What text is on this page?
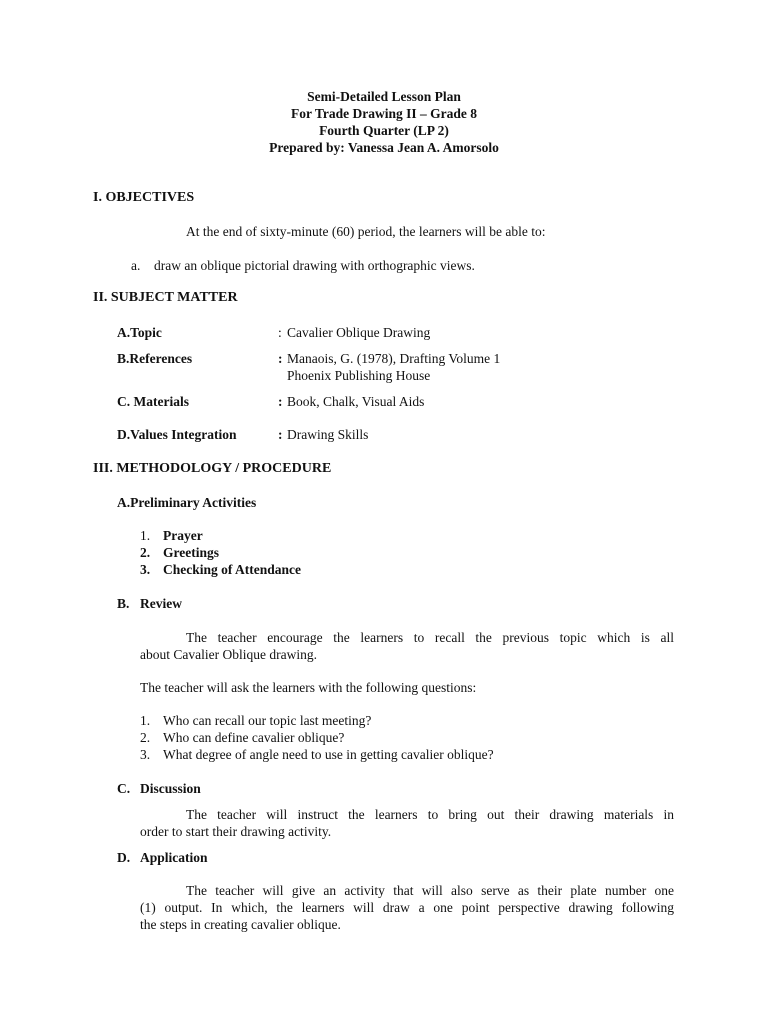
Semi-Detailed Lesson Plan
For Trade Drawing II – Grade 8
Fourth Quarter (LP 2)
Prepared by: Vanessa Jean A. Amorsolo
I. OBJECTIVES
At the end of sixty-minute (60) period, the learners will be able to:
a. draw an oblique pictorial drawing with orthographic views.
II. SUBJECT MATTER
A.Topic	: Cavalier Oblique Drawing
B.References	: Manaois, G. (1978), Drafting Volume 1
Phoenix Publishing House
C. Materials	: Book, Chalk, Visual Aids
D.Values Integration	: Drawing Skills
III. METHODOLOGY / PROCEDURE
A.Preliminary Activities
1. Prayer
2. Greetings
3. Checking of Attendance
B. Review
The teacher encourage the learners to recall the previous topic which is all
about Cavalier Oblique drawing.
The teacher will ask the learners with the following questions:
1. Who can recall our topic last meeting?
2. Who can define cavalier oblique?
3. What degree of angle need to use in getting cavalier oblique?
C. Discussion
The teacher will instruct the learners to bring out their drawing materials in
order to start their drawing activity.
D. Application
The teacher will give an activity that will also serve as their plate number one
(1) output. In which, the learners will draw a one point perspective drawing following
the steps in creating cavalier oblique.
